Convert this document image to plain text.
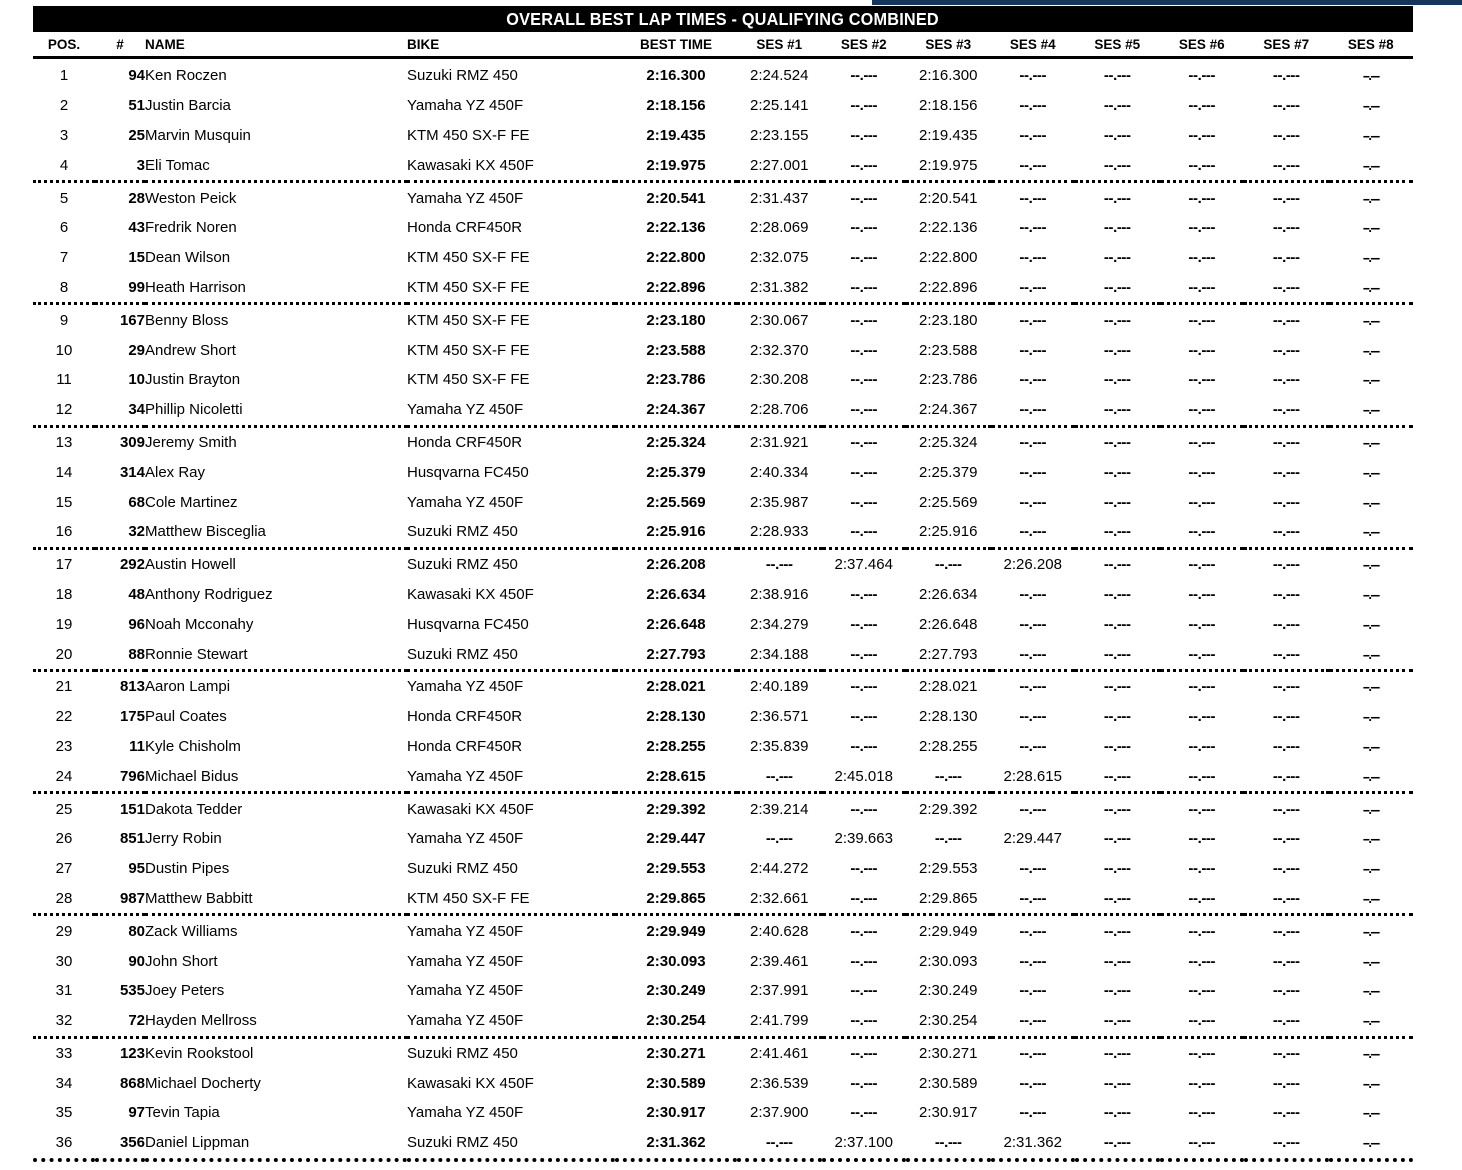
OVERALL BEST LAP TIMES - QUALIFYING COMBINED
POS.	#	NAME	BIKE	BEST TIME	SES #1	SES #2	SES #3	SES #4	SES #5	SES #6	SES #7	SES #8
1	94	Ken Roczen	Suzuki RMZ 450	2:16.300	2:24.524	--.---	2:16.300	--.---	--.---	--.---	--.---	--.---
2	51	Justin Barcia	Yamaha YZ 450F	2:18.156	2:25.141	--.---	2:18.156	--.---	--.---	--.---	--.---	--.---
3	25	Marvin Musquin	KTM 450 SX-F FE	2:19.435	2:23.155	--.---	2:19.435	--.---	--.---	--.---	--.---	--.---
4	3	Eli Tomac	Kawasaki KX 450F	2:19.975	2:27.001	--.---	2:19.975	--.---	--.---	--.---	--.---	--.---
5	28	Weston Peick	Yamaha YZ 450F	2:20.541	2:31.437	--.---	2:20.541	--.---	--.---	--.---	--.---	--.---
6	43	Fredrik Noren	Honda CRF450R	2:22.136	2:28.069	--.---	2:22.136	--.---	--.---	--.---	--.---	--.---
7	15	Dean Wilson	KTM 450 SX-F FE	2:22.800	2:32.075	--.---	2:22.800	--.---	--.---	--.---	--.---	--.---
8	99	Heath Harrison	KTM 450 SX-F FE	2:22.896	2:31.382	--.---	2:22.896	--.---	--.---	--.---	--.---	--.---
9	167	Benny Bloss	KTM 450 SX-F FE	2:23.180	2:30.067	--.---	2:23.180	--.---	--.---	--.---	--.---	--.---
10	29	Andrew Short	KTM 450 SX-F FE	2:23.588	2:32.370	--.---	2:23.588	--.---	--.---	--.---	--.---	--.---
11	10	Justin Brayton	KTM 450 SX-F FE	2:23.786	2:30.208	--.---	2:23.786	--.---	--.---	--.---	--.---	--.---
12	34	Phillip Nicoletti	Yamaha YZ 450F	2:24.367	2:28.706	--.---	2:24.367	--.---	--.---	--.---	--.---	--.---
13	309	Jeremy Smith	Honda CRF450R	2:25.324	2:31.921	--.---	2:25.324	--.---	--.---	--.---	--.---	--.---
14	314	Alex Ray	Husqvarna FC450	2:25.379	2:40.334	--.---	2:25.379	--.---	--.---	--.---	--.---	--.---
15	68	Cole Martinez	Yamaha YZ 450F	2:25.569	2:35.987	--.---	2:25.569	--.---	--.---	--.---	--.---	--.---
16	32	Matthew Bisceglia	Suzuki RMZ 450	2:25.916	2:28.933	--.---	2:25.916	--.---	--.---	--.---	--.---	--.---
17	292	Austin Howell	Suzuki RMZ 450	2:26.208	--.---	2:37.464	--.---	2:26.208	--.---	--.---	--.---	--.---
18	48	Anthony Rodriguez	Kawasaki KX 450F	2:26.634	2:38.916	--.---	2:26.634	--.---	--.---	--.---	--.---	--.---
19	96	Noah Mcconahy	Husqvarna FC450	2:26.648	2:34.279	--.---	2:26.648	--.---	--.---	--.---	--.---	--.---
20	88	Ronnie Stewart	Suzuki RMZ 450	2:27.793	2:34.188	--.---	2:27.793	--.---	--.---	--.---	--.---	--.---
21	813	Aaron Lampi	Yamaha YZ 450F	2:28.021	2:40.189	--.---	2:28.021	--.---	--.---	--.---	--.---	--.---
22	175	Paul Coates	Honda CRF450R	2:28.130	2:36.571	--.---	2:28.130	--.---	--.---	--.---	--.---	--.---
23	11	Kyle Chisholm	Honda CRF450R	2:28.255	2:35.839	--.---	2:28.255	--.---	--.---	--.---	--.---	--.---
24	796	Michael Bidus	Yamaha YZ 450F	2:28.615	--.---	2:45.018	--.---	2:28.615	--.---	--.---	--.---	--.---
25	151	Dakota Tedder	Kawasaki KX 450F	2:29.392	2:39.214	--.---	2:29.392	--.---	--.---	--.---	--.---	--.---
26	851	Jerry Robin	Yamaha YZ 450F	2:29.447	--.---	2:39.663	--.---	2:29.447	--.---	--.---	--.---	--.---
27	95	Dustin Pipes	Suzuki RMZ 450	2:29.553	2:44.272	--.---	2:29.553	--.---	--.---	--.---	--.---	--.---
28	987	Matthew Babbitt	KTM 450 SX-F FE	2:29.865	2:32.661	--.---	2:29.865	--.---	--.---	--.---	--.---	--.---
29	80	Zack Williams	Yamaha YZ 450F	2:29.949	2:40.628	--.---	2:29.949	--.---	--.---	--.---	--.---	--.---
30	90	John Short	Yamaha YZ 450F	2:30.093	2:39.461	--.---	2:30.093	--.---	--.---	--.---	--.---	--.---
31	535	Joey Peters	Yamaha YZ 450F	2:30.249	2:37.991	--.---	2:30.249	--.---	--.---	--.---	--.---	--.---
32	72	Hayden Mellross	Yamaha YZ 450F	2:30.254	2:41.799	--.---	2:30.254	--.---	--.---	--.---	--.---	--.---
33	123	Kevin Rookstool	Suzuki RMZ 450	2:30.271	2:41.461	--.---	2:30.271	--.---	--.---	--.---	--.---	--.---
34	868	Michael Docherty	Kawasaki KX 450F	2:30.589	2:36.539	--.---	2:30.589	--.---	--.---	--.---	--.---	--.---
35	97	Tevin Tapia	Yamaha YZ 450F	2:30.917	2:37.900	--.---	2:30.917	--.---	--.---	--.---	--.---	--.---
36	356	Daniel Lippman	Suzuki RMZ 450	2:31.362	--.---	2:37.100	--.---	2:31.362	--.---	--.---	--.---	--.---
